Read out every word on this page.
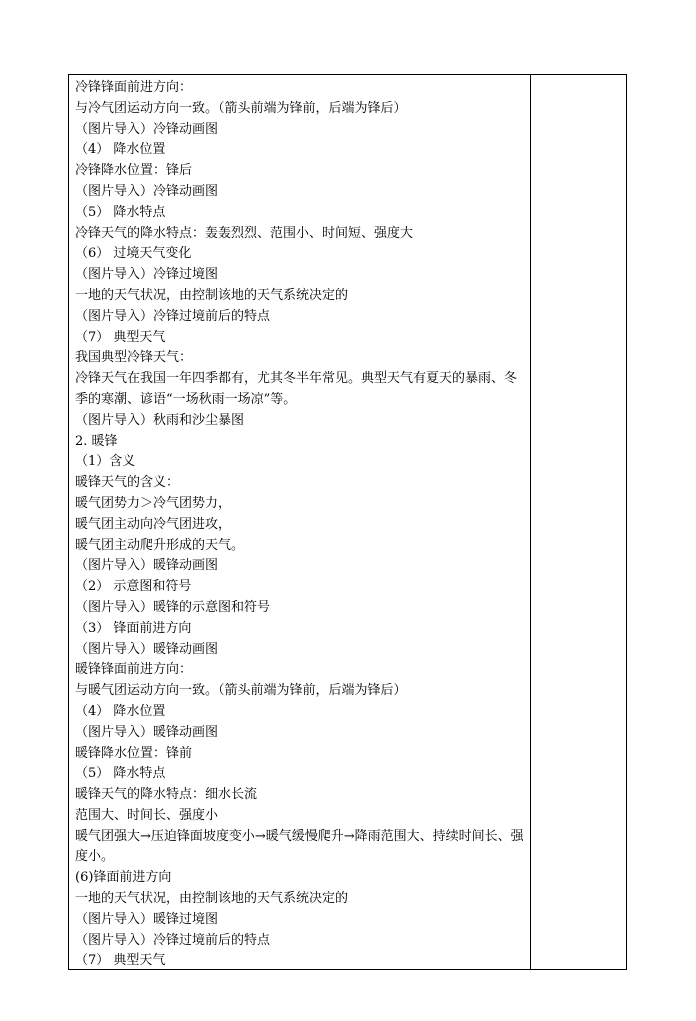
冷锋锋面前进方向：
与冷气团运动方向一致。（箭头前端为锋前，后端为锋后）
（图片导入）冷锋动画图
（4） 降水位置
冷锋降水位置：锋后
（图片导入）冷锋动画图
（5） 降水特点
冷锋天气的降水特点：轰轰烈烈、范围小、时间短、强度大
（6） 过境天气变化
（图片导入）冷锋过境图
一地的天气状况，由控制该地的天气系统决定的
（图片导入）冷锋过境前后的特点
（7） 典型天气
我国典型冷锋天气：
冷锋天气在我国一年四季都有，尤其冬半年常见。典型天气有夏天的暴雨、冬季的寒潮、谚语“一场秋雨一场凉”等。
（图片导入）秋雨和沙尘暴图
2. 暖锋
（1）含义
暖锋天气的含义：
暖气团势力＞冷气团势力，
暖气团主动向冷气团进攻，
暖气团主动爬升形成的天气。
（图片导入）暖锋动画图
（2） 示意图和符号
（图片导入）暖锋的示意图和符号
（3） 锋面前进方向
（图片导入）暖锋动画图
暖锋锋面前进方向：
与暖气团运动方向一致。（箭头前端为锋前，后端为锋后）
（4） 降水位置
（图片导入）暖锋动画图
暖锋降水位置：锋前
（5） 降水特点
暖锋天气的降水特点：细水长流
范围大、时间长、强度小
暖气团强大→压迫锋面坡度变小→暖气缓慢爬升→降雨范围大、持续时间长、强度小。
(6)锋面前进方向
一地的天气状况，由控制该地的天气系统决定的
（图片导入）暖锋过境图
（图片导入）冷锋过境前后的特点
（7） 典型天气
